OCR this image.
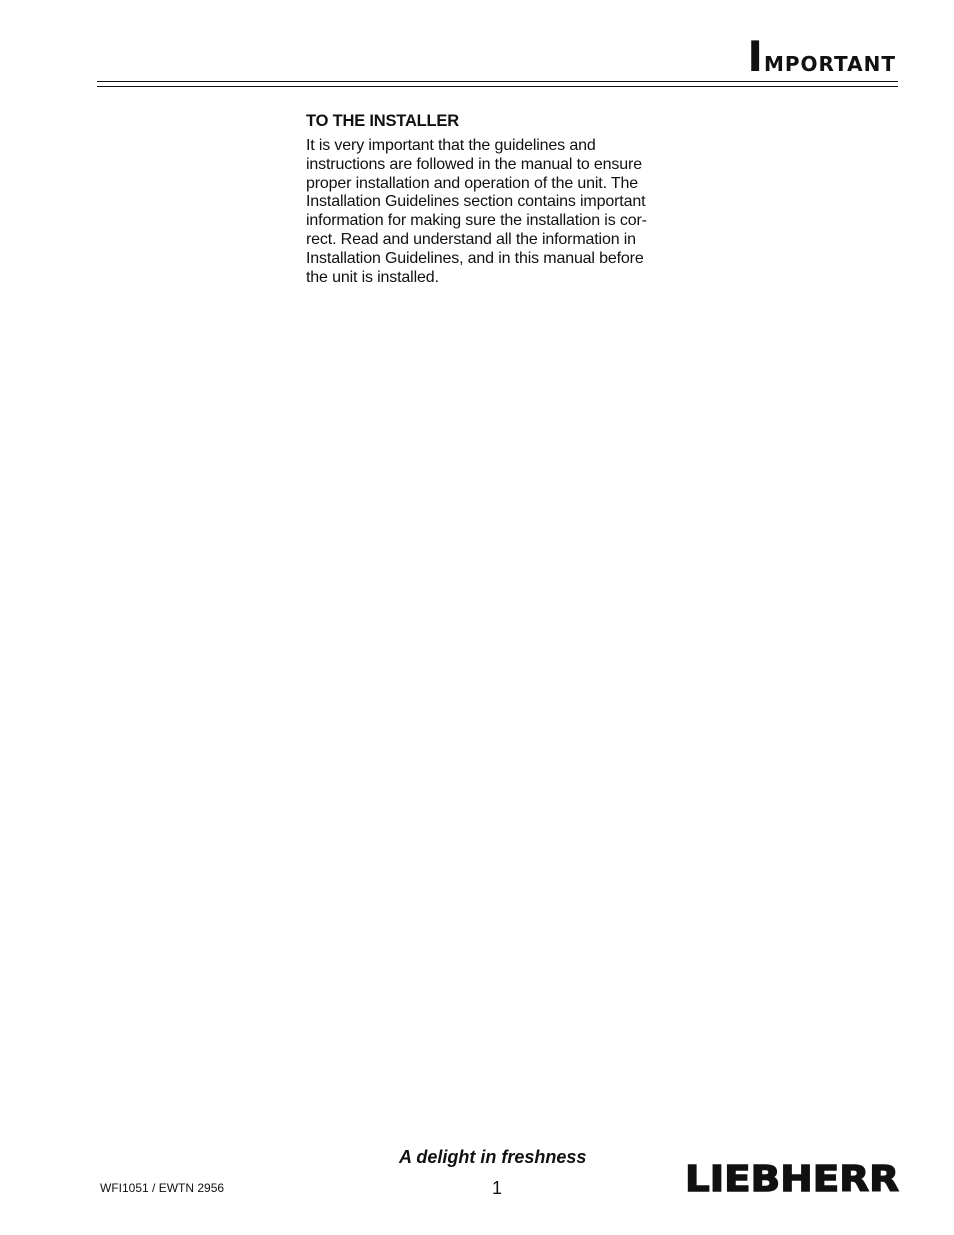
Important
TO THE INSTALLER

It is very important that the guidelines and
instructions are followed in the manual to ensure
proper installation and operation of the unit. The
Installation Guidelines section contains important
information for making sure the installation is cor-
rect. Read and understand all the information in
Installation Guidelines, and in this manual before
the unit is installed.

A delight in freshness
WFI1051 / EWTN 2956	1	LIEBHERR
